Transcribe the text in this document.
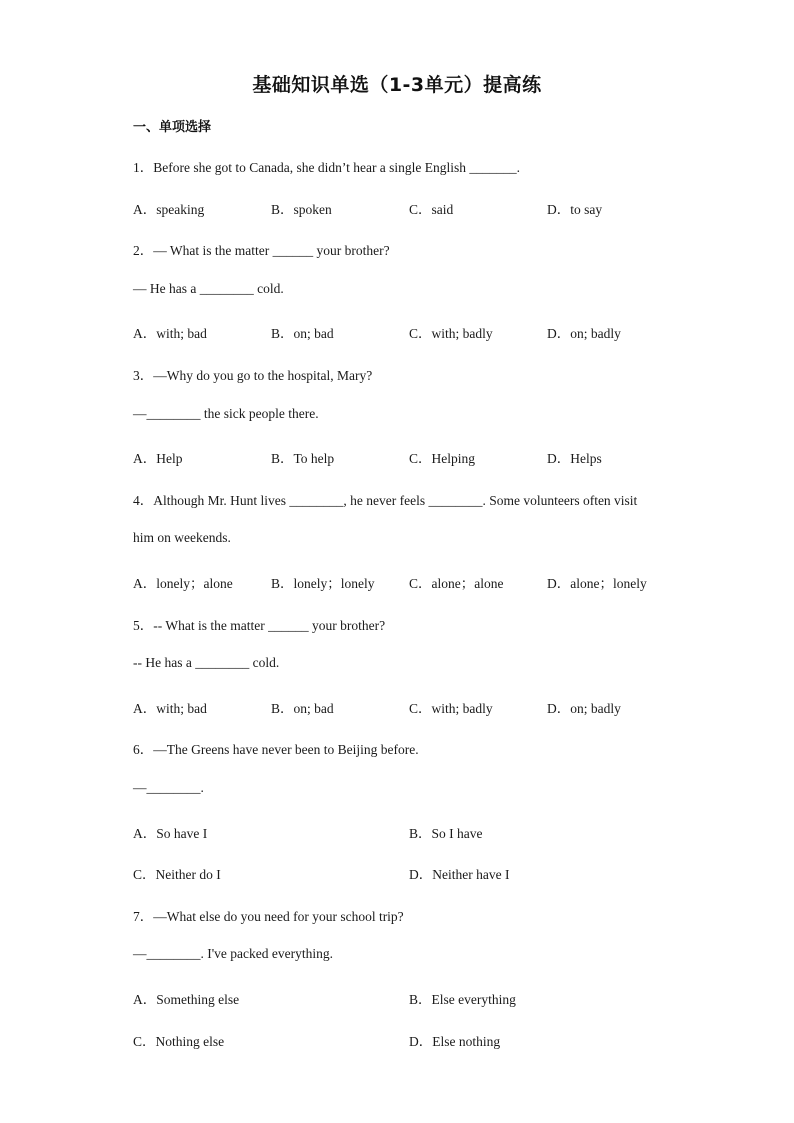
基础知识单选（1-3单元）提高练
一、单项选择
1．Before she got to Canada, she didn’t hear a single English _______.
A．speaking	B．spoken	C．said	D．to say
2．— What is the matter ______ your brother?
— He has a ________ cold.
A．with; bad	B．on; bad	C．with; badly	D．on; badly
3．—Why do you go to the hospital, Mary?
—________ the sick people there.
A．Help	B．To help	C．Helping	D．Helps
4．Although Mr. Hunt lives ________, he never feels ________. Some volunteers often visit
him on weekends.
A．lonely；alone	B．lonely；lonely	C．alone；alone	D．alone；lonely
5．-- What is the matter ______ your brother?
-- He has a ________ cold.
A．with; bad	B．on; bad	C．with; badly	D．on; badly
6．—The Greens have never been to Beijing before.
—________.
A．So have I	B．So I have
C．Neither do I	D．Neither have I
7．—What else do you need for your school trip?
—________. I've packed everything.
A．Something else	B．Else everything
C．Nothing else	D．Else nothing
